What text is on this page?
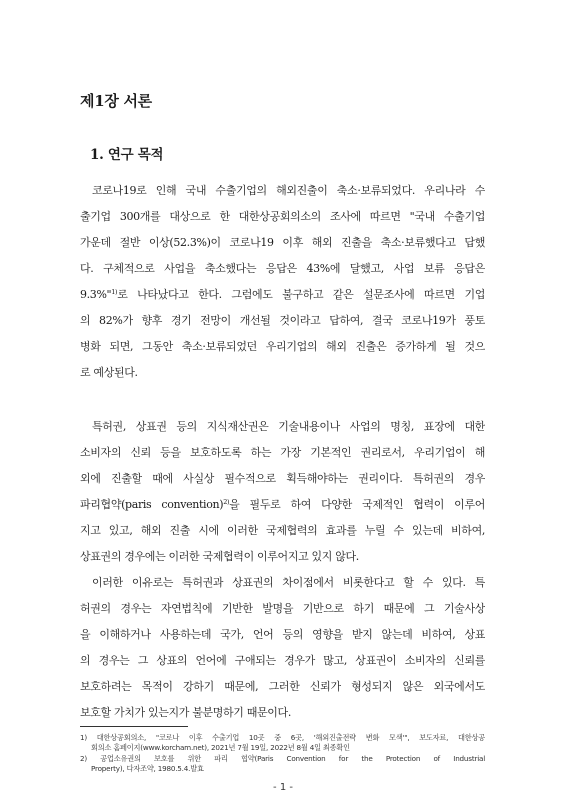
제1장 서론
1. 연구 목적
코로나19로 인해 국내 수출기업의 해외진출이 축소·보류되었다. 우리나라 수
출기업 300개를 대상으로 한 대한상공회의소의 조사에 따르면 "국내 수출기업
가운데 절반 이상(52.3%)이 코로나19 이후 해외 진출을 축소·보류했다고 답했
다. 구체적으로 사업을 축소했다는 응답은 43%에 달했고, 사업 보류 응답은
9.3%"$^{1)}$로 나타났다고 한다. 그럼에도 불구하고 같은 설문조사에 따르면 기업
의 82%가 향후 경기 전망이 개선될 것이라고 답하여, 결국 코로나19가 풍토
병화 되면, 그동안 축소·보류되었던 우리기업의 해외 진출은 증가하게 될 것으
로 예상된다.
특허권, 상표권 등의 지식재산권은 기술내용이나 사업의 명칭, 표장에 대한
소비자의 신뢰 등을 보호하도록 하는 가장 기본적인 권리로서, 우리기업이 해
외에 진출할 때에 사실상 필수적으로 획득해야하는 권리이다. 특허권의 경우
파리협약(paris convention)$^{2)}$을 필두로 하여 다양한 국제적인 협력이 이루어
지고 있고, 해외 진출 시에 이러한 국제협력의 효과를 누릴 수 있는데 비하여,
상표권의 경우에는 이러한 국제협력이 이루어지고 있지 않다.
이러한 이유로는 특허권과 상표권의 차이점에서 비롯한다고 할 수 있다. 특
허권의 경우는 자연법칙에 기반한 발명을 기반으로 하기 때문에 그 기술사상
을 이해하거나 사용하는데 국가, 언어 등의 영향을 받지 않는데 비하여, 상표
의 경우는 그 상표의 언어에 구애되는 경우가 많고, 상표권이 소비자의 신뢰를
보호하려는 목적이 강하기 때문에, 그러한 신뢰가 형성되지 않은 외국에서도
보호할 가치가 있는지가 불분명하기 때문이다.
1) 대한상공회의소, "코로나 이후 수출기업 10곳 중 6곳, '해외진출전략 변화 모색'", 보도자료, 대한상공
회의소 홈페이지(www.korcham.net), 2021년 7월 19일, 2022년 8월 4일 최종확인
2) 공업소유권의 보호를 위한 파리 협약(Paris Convention for the Protection of Industrial
Property), 다자조약, 1980.5.4.발효
- 1 -
